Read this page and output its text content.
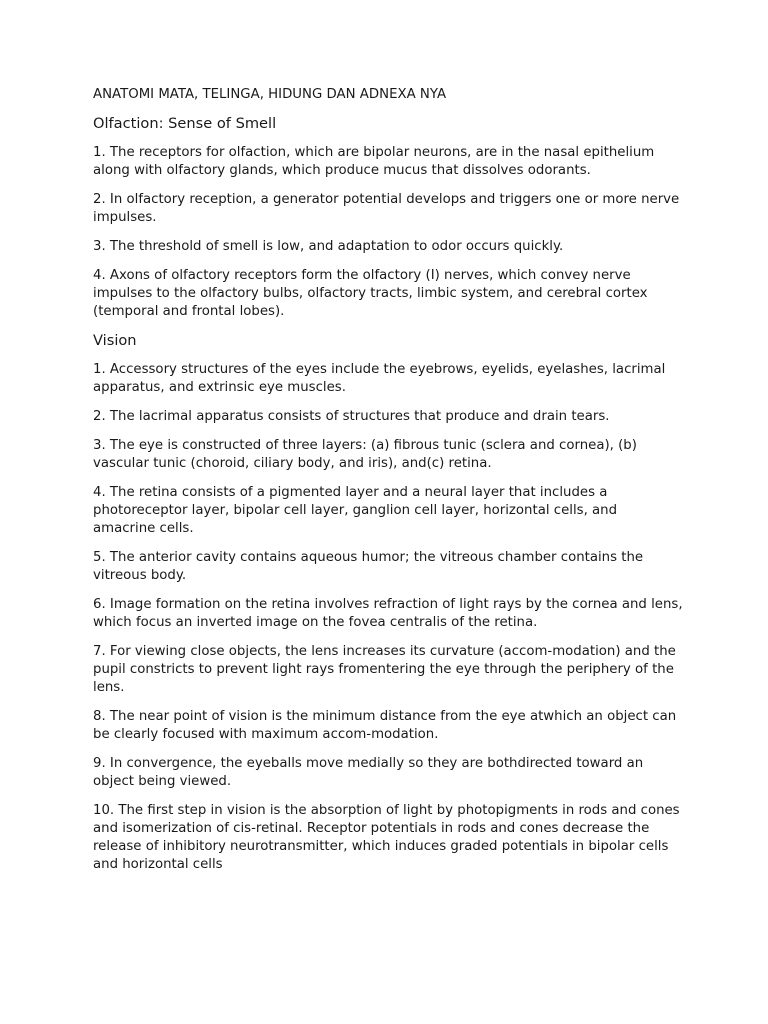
ANATOMI MATA, TELINGA, HIDUNG DAN ADNEXA NYA

Olfaction: Sense of Smell

1. The receptors for olfaction, which are bipolar neurons, are in the nasal epithelium along with olfactory glands, which produce mucus that dissolves odorants.

2. In olfactory reception, a generator potential develops and triggers one or more nerve impulses.

3. The threshold of smell is low, and adaptation to odor occurs quickly.

4. Axons of olfactory receptors form the olfactory (I) nerves, which convey nerve impulses to the olfactory bulbs, olfactory tracts, limbic system, and cerebral cortex (temporal and frontal lobes).

Vision

1. Accessory structures of the eyes include the eyebrows, eyelids, eyelashes, lacrimal apparatus, and extrinsic eye muscles.

2. The lacrimal apparatus consists of structures that produce and drain tears.

3. The eye is constructed of three layers: (a) fibrous tunic (sclera and cornea), (b) vascular tunic (choroid, ciliary body, and iris), and(c) retina.

4. The retina consists of a pigmented layer and a neural layer that includes a photoreceptor layer, bipolar cell layer, ganglion cell layer, horizontal cells, and amacrine cells.

5. The anterior cavity contains aqueous humor; the vitreous chamber contains the vitreous body.

6. Image formation on the retina involves refraction of light rays by the cornea and lens, which focus an inverted image on the fovea centralis of the retina.

7. For viewing close objects, the lens increases its curvature (accom-modation) and the pupil constricts to prevent light rays fromentering the eye through the periphery of the lens.

8. The near point of vision is the minimum distance from the eye atwhich an object can be clearly focused with maximum accom-modation.

9. In convergence, the eyeballs move medially so they are bothdirected toward an object being viewed.

10. The first step in vision is the absorption of light by photopigments in rods and cones and isomerization of cis-retinal. Receptor potentials in rods and cones decrease the release of inhibitory neurotransmitter, which induces graded potentials in bipolar cells and horizontal cells
